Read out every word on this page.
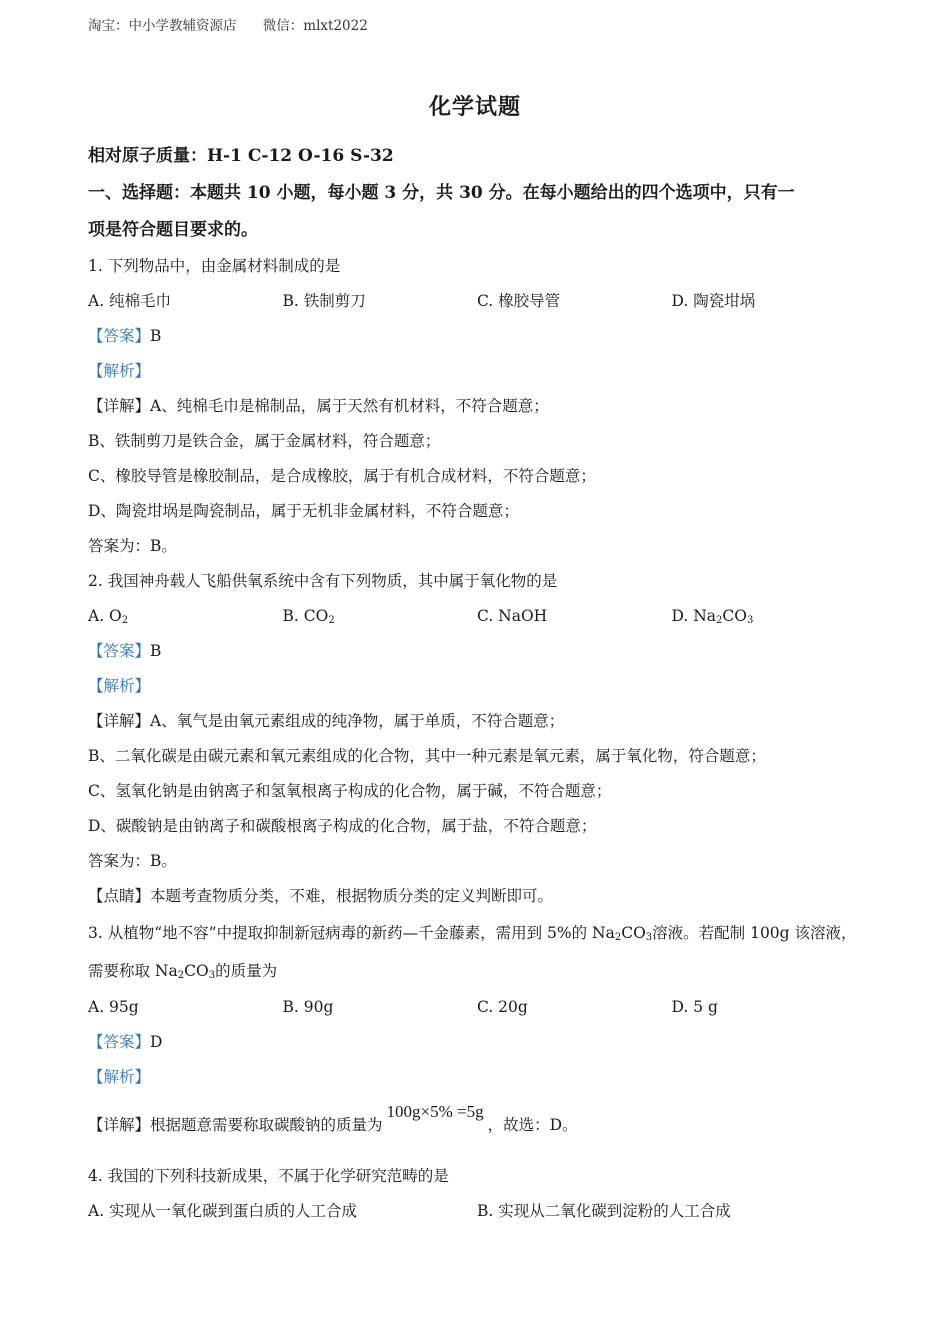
淘宝：中小学教辅资源店 微信：mlxt2022
化学试题
相对原子质量：H-1 C-12 O-16 S-32
一、选择题：本题共 10 小题，每小题 3 分，共 30 分。在每小题给出的四个选项中，只有一
项是符合题目要求的。
1. 下列物品中，由金属材料制成的是
A. 纯棉毛巾	B. 铁制剪刀	C. 橡胶导管	D. 陶瓷坩埚
【答案】B
【解析】
【详解】A、纯棉毛巾是棉制品，属于天然有机材料，不符合题意；
B、铁制剪刀是铁合金，属于金属材料，符合题意；
C、橡胶导管是橡胶制品，是合成橡胶，属于有机合成材料，不符合题意；
D、陶瓷坩埚是陶瓷制品，属于无机非金属材料，不符合题意；
答案为：B。
2. 我国神舟载人飞船供氧系统中含有下列物质，其中属于氧化物的是
A. $O_2$	B. $CO_2$	C. NaOH	D. $Na_2CO_3$
【答案】B
【解析】
【详解】A、氧气是由氧元素组成的纯净物，属于单质，不符合题意；
B、二氧化碳是由碳元素和氧元素组成的化合物，其中一种元素是氧元素，属于氧化物，符合题意；
C、氢氧化钠是由钠离子和氢氧根离子构成的化合物，属于碱，不符合题意；
D、碳酸钠是由钠离子和碳酸根离子构成的化合物，属于盐，不符合题意；
答案为：B。
【点睛】本题考查物质分类，不难，根据物质分类的定义判断即可。
3. 从植物“地不容”中提取抑制新冠病毒的新药—千金藤素，需用到 5%的 $Na_2CO_3$溶液。若配制 100g 该溶液，
需要称取 $Na_2CO_3$的质量为
A. 95g	B. 90g	C. 20g	D. 5 g
【答案】D
【解析】
【详解】根据题意需要称取碳酸钠的质量为100g×5% =5g，故选：D。
4. 我国的下列科技新成果，不属于化学研究范畴的是
A. 实现从一氧化碳到蛋白质的人工合成	B. 实现从二氧化碳到淀粉的人工合成
